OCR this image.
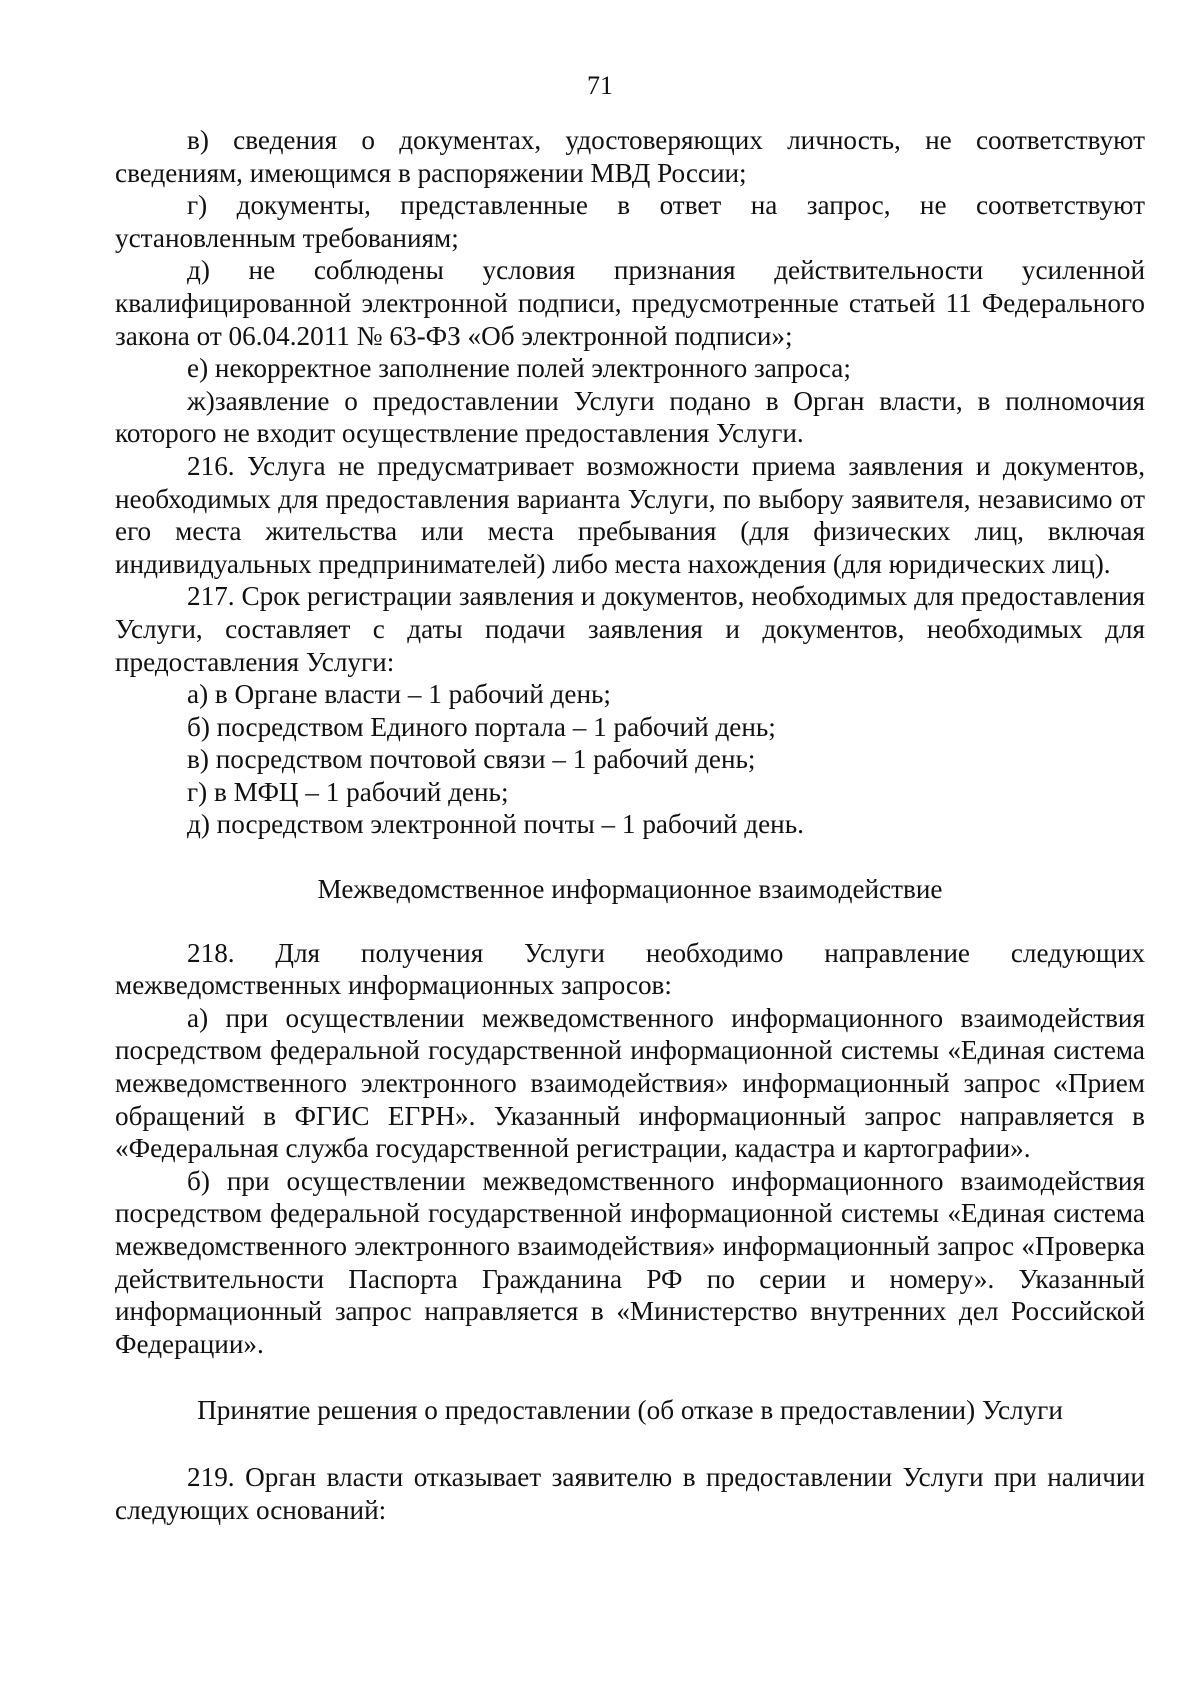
71

в) сведения о документах, удостоверяющих личность, не соответствуют сведениям, имеющимся в распоряжении МВД России;

г) документы, представленные в ответ на запрос, не соответствуют установленным требованиям;

д) не соблюдены условия признания действительности усиленной квалифицированной электронной подписи, предусмотренные статьей 11 Федерального закона от 06.04.2011 № 63-ФЗ «Об электронной подписи»;

е) некорректное заполнение полей электронного запроса;

ж)заявление о предоставлении Услуги подано в Орган власти, в полномочия которого не входит осуществление предоставления Услуги.

216. Услуга не предусматривает возможности приема заявления и документов, необходимых для предоставления варианта Услуги, по выбору заявителя, независимо от его места жительства или места пребывания (для физических лиц, включая индивидуальных предпринимателей) либо места нахождения (для юридических лиц).

217. Срок регистрации заявления и документов, необходимых для предоставления Услуги, составляет с даты подачи заявления и документов, необходимых для предоставления Услуги:

а) в Органе власти – 1 рабочий день;

б) посредством Единого портала – 1 рабочий день;

в) посредством почтовой связи – 1 рабочий день;

г) в МФЦ – 1 рабочий день;

д) посредством электронной почты – 1 рабочий день.

Межведомственное информационное взаимодействие

218. Для получения Услуги необходимо направление следующих межведомственных информационных запросов:

а) при осуществлении межведомственного информационного взаимодействия посредством федеральной государственной информационной системы «Единая система межведомственного электронного взаимодействия» информационный запрос «Прием обращений в ФГИС ЕГРН». Указанный информационный запрос направляется в «Федеральная служба государственной регистрации, кадастра и картографии».

б) при осуществлении межведомственного информационного взаимодействия посредством федеральной государственной информационной системы «Единая система межведомственного электронного взаимодействия» информационный запрос «Проверка действительности Паспорта Гражданина РФ по серии и номеру». Указанный информационный запрос направляется в «Министерство внутренних дел Российской Федерации».

Принятие решения о предоставлении (об отказе в предоставлении) Услуги

219. Орган власти отказывает заявителю в предоставлении Услуги при наличии следующих оснований:
